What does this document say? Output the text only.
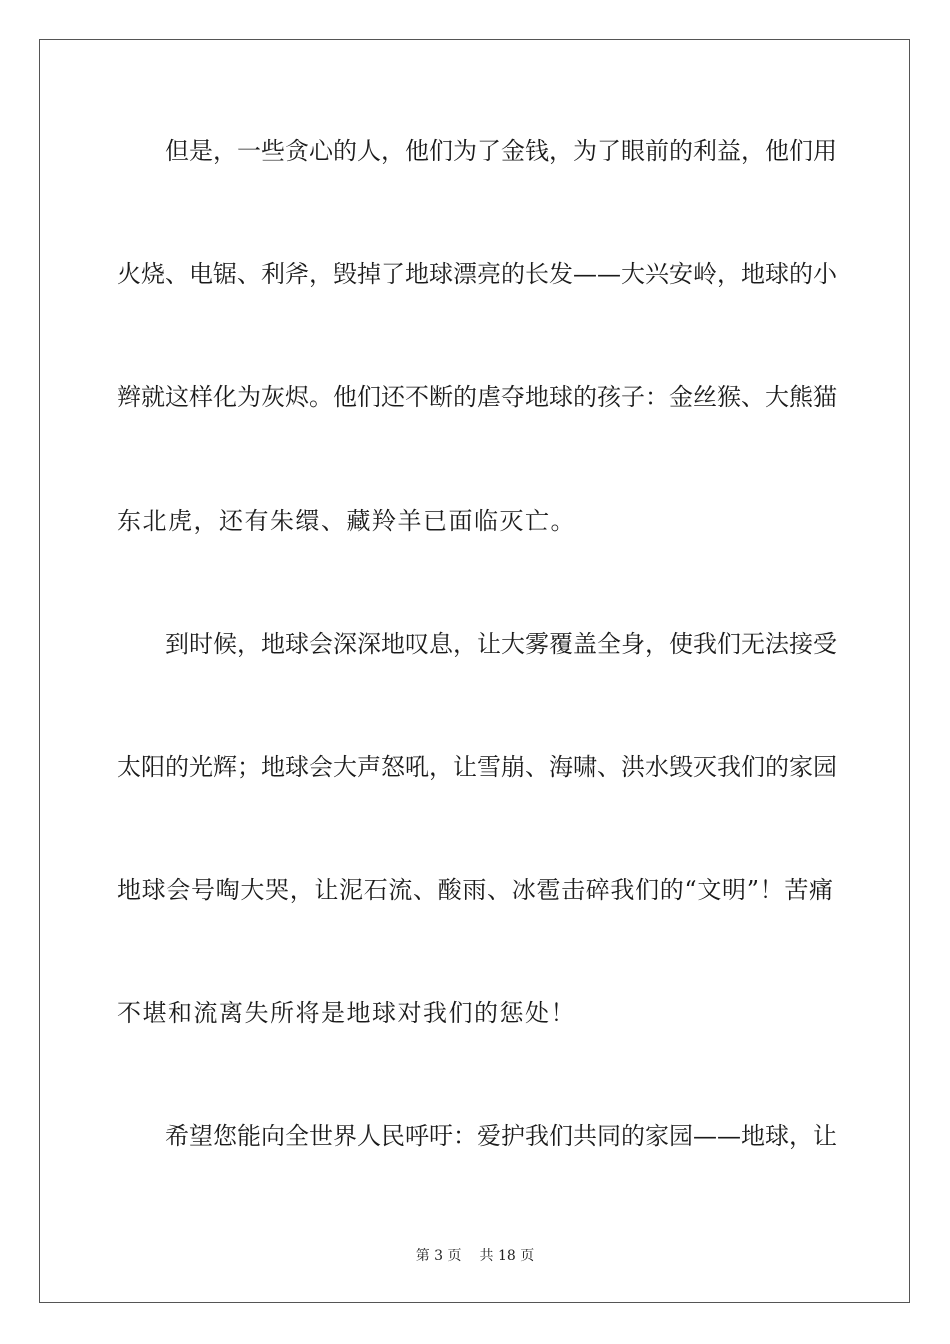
但是，一些贪心的人，他们为了金钱，为了眼前的利益，他们用
火烧、电锯、利斧，毁掉了地球漂亮的长发——大兴安岭，地球的小
辫就这样化为灰烬。他们还不断的虐夺地球的孩子：金丝猴、大熊猫
东北虎，还有朱缳、藏羚羊已面临灭亡。
到时候，地球会深深地叹息，让大雾覆盖全身，使我们无法接受
太阳的光辉；地球会大声怒吼，让雪崩、海啸、洪水毁灭我们的家园
地球会号啕大哭，让泥石流、酸雨、冰雹击碎我们的“文明”！苦痛
不堪和流离失所将是地球对我们的惩处！
希望您能向全世界人民呼吁：爱护我们共同的家园——地球，让
第 3 页 共 18 页
